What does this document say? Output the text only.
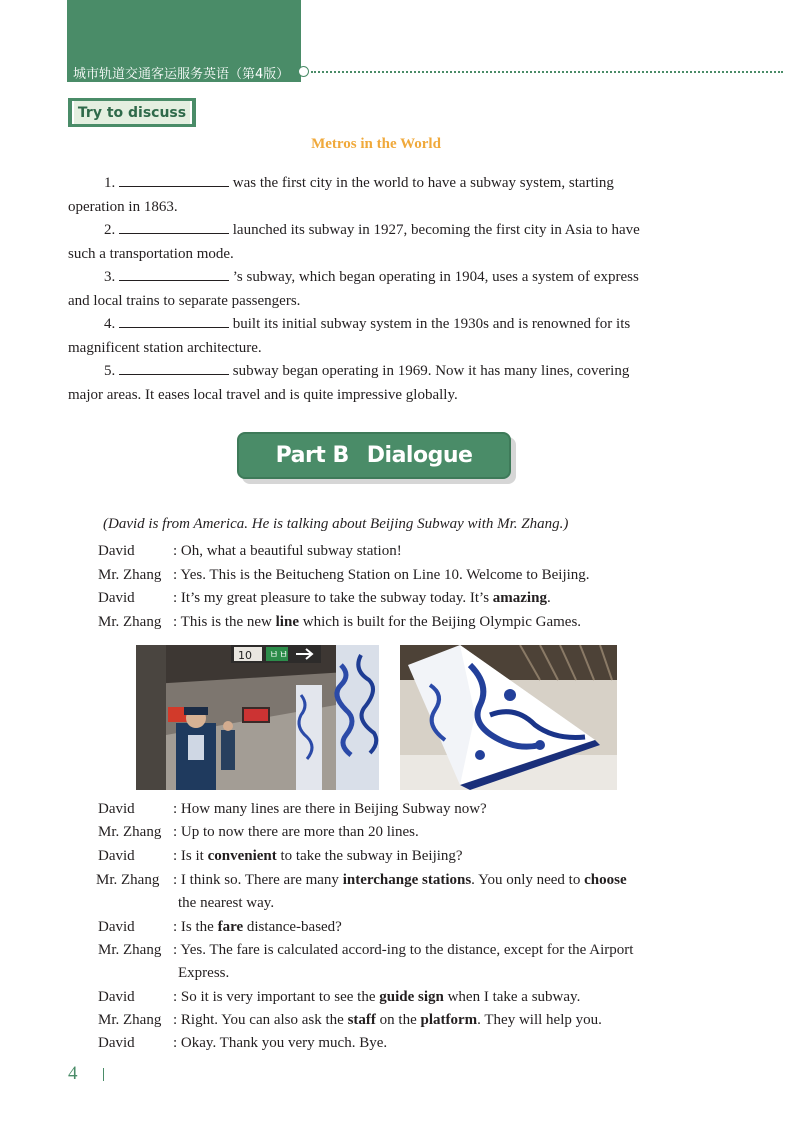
城市轨道交通客运服务英语（第4版）
Try to discuss
Metros in the World
1.	was the first city in the world to have a subway system, starting
operation in 1863.
2.	launched its subway in 1927, becoming the first city in Asia to have
such a transportation mode.
3.	’s subway, which began operating in 1904, uses a system of express
and local trains to separate passengers.
4.	built its initial subway system in the 1930s and is renowned for its
magnificent station architecture.
5.	subway began operating in 1969. Now it has many lines, covering
major areas. It eases local travel and is quite impressive globally.
Part B Dialogue
(David is from America. He is talking about Beijing Subway with Mr. Zhang.)
David	: Oh, what a beautiful subway station!
Mr. Zhang : Yes. This is the Beitucheng Station on Line 10. Welcome to Beijing.
David	: It’s my great pleasure to take the subway today. It’s amazing.
Mr. Zhang : This is the new line which is built for the Beijing Olympic Games.
10 ㅂㅂ
David	: How many lines are there in Beijing Subway now?
Mr. Zhang : Up to now there are more than 20 lines.
David	: Is it convenient to take the subway in Beijing?
Mr. Zhang : I think so. There are many interchange stations. You only need to choose
the nearest way.
David	: Is the fare distance-based?
Mr. Zhang : Yes. The fare is calculated accord-ing to the distance, except for the Airport
Express.
David	: So it is very important to see the guide sign when I take a subway.
Mr. Zhang : Right. You can also ask the staff on the platform. They will help you.
David	: Okay. Thank you very much. Bye.
4
